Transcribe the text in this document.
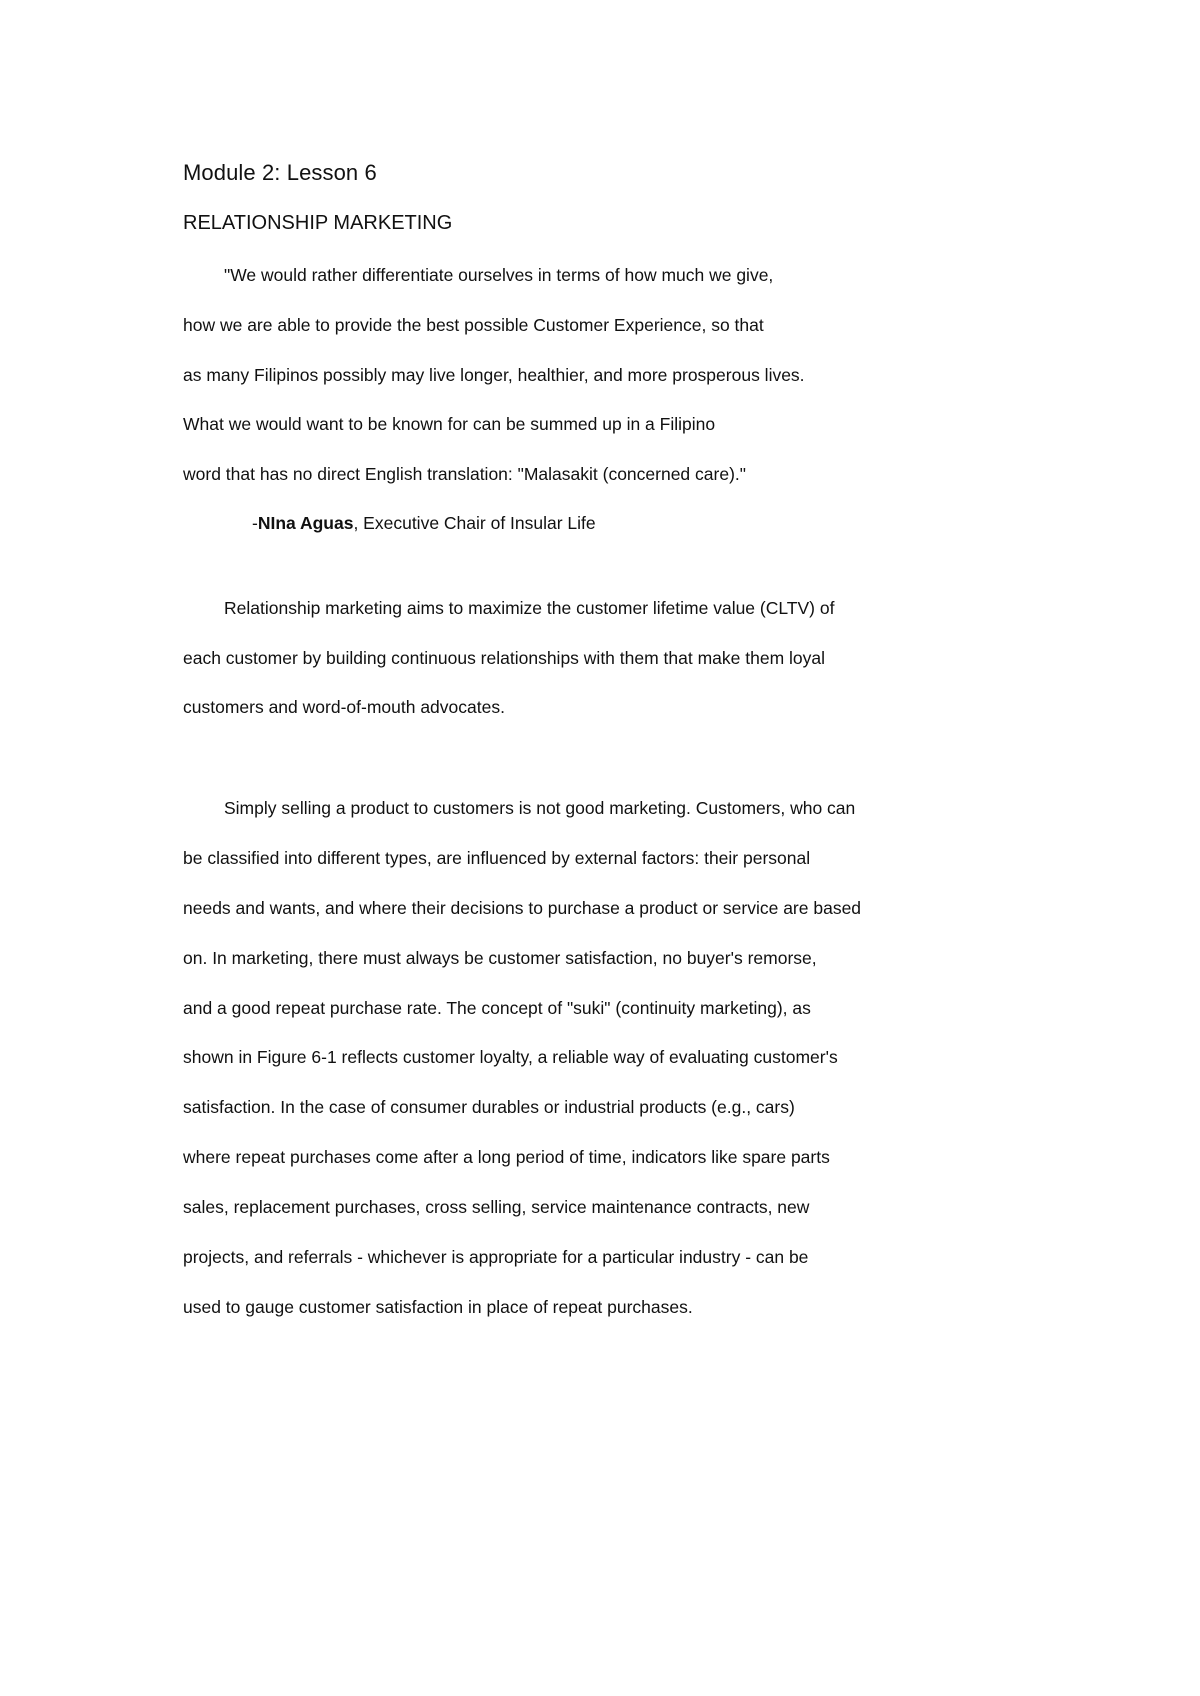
Module 2: Lesson 6
RELATIONSHIP MARKETING
"We would rather differentiate ourselves in terms of how much we give,
how we are able to provide the best possible Customer Experience, so that
as many Filipinos possibly may live longer, healthier, and more prosperous lives.
What we would want to be known for can be summed up in a Filipino
word that has no direct English translation: "Malasakit (concerned care)."
-NIna Aguas, Executive Chair of Insular Life
Relationship marketing aims to maximize the customer lifetime value (CLTV) of
each customer by building continuous relationships with them that make them loyal
customers and word-of-mouth advocates.
Simply selling a product to customers is not good marketing. Customers, who can
be classified into different types, are influenced by external factors: their personal
needs and wants, and where their decisions to purchase a product or service are based
on. In marketing, there must always be customer satisfaction, no buyer's remorse,
and a good repeat purchase rate. The concept of "suki" (continuity marketing), as
shown in Figure 6-1 reflects customer loyalty, a reliable way of evaluating customer's
satisfaction. In the case of consumer durables or industrial products (e.g., cars)
where repeat purchases come after a long period of time, indicators like spare parts
sales, replacement purchases, cross selling, service maintenance contracts, new
projects, and referrals - whichever is appropriate for a particular industry - can be
used to gauge customer satisfaction in place of repeat purchases.
